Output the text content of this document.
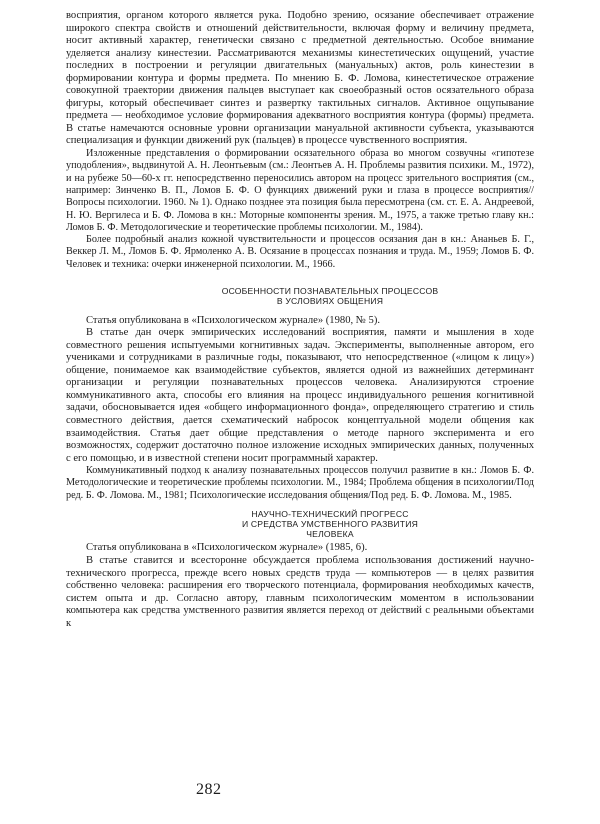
восприятия, органом которого является рука. Подобно зрению, осязание обеспечивает отражение широкого спектра свойств и отношений действительности, включая форму и величину предмета, носит активный характер, генетически связано с предметной деятельностью. Особое внимание уделяется анализу кинестезии. Рассматриваются механизмы кинестетических ощущений, участие последних в построении и регуляции двигательных (мануальных) актов, роль кинестезии в формировании контура и формы предмета. По мнению Б. Ф. Ломова, кинестетическое отражение совокупной траектории движения пальцев выступает как своеобразный остов осязательного образа фигуры, который обеспечивает синтез и развертку тактильных сигналов. Активное ощупывание предмета — необходимое условие формирования адекватного восприятия контура (формы) предмета. В статье намечаются основные уровни организации мануальной активности субъекта, указываются специализация и функции движений рук (пальцев) в процессе чувственного восприятия.

Изложенные представления о формировании осязательного образа во многом созвучны «гипотезе уподобления», выдвинутой А. Н. Леонтьевым (см.: Леонтьев А. Н. Проблемы развития психики. М., 1972), и на рубеже 50—60-х гг. непосредственно переносились автором на процесс зрительного восприятия (см., например: Зинченко В. П., Ломов Б. Ф. О функциях движений руки и глаза в процессе восприятия//Вопросы психологии. 1960. № 1). Однако позднее эта позиция была пересмотрена (см. ст. Е. А. Андреевой, Н. Ю. Вергилеса и Б. Ф. Ломова в кн.: Моторные компоненты зрения. М., 1975, а также третью главу кн.: Ломов Б. Ф. Методологические и теоретические проблемы психологии. М., 1984).

Более подробный анализ кожной чувствительности и процессов осязания дан в кн.: Ананьев Б. Г., Веккер Л. М., Ломов Б. Ф. Ярмоленко А. В. Осязание в процессах познания и труда. М., 1959; Ломов Б. Ф. Человек и техника: очерки инженерной психологии. М., 1966.

ОСОБЕННОСТИ ПОЗНАВАТЕЛЬНЫХ ПРОЦЕССОВ
В УСЛОВИЯХ ОБЩЕНИЯ

Статья опубликована в «Психологическом журнале» (1980, № 5).

В статье дан очерк эмпирических исследований восприятия, памяти и мышления в ходе совместного решения испытуемыми когнитивных задач. Эксперименты, выполненные автором, его учениками и сотрудниками в различные годы, показывают, что непосредственное («лицом к лицу») общение, понимаемое как взаимодействие субъектов, является одной из важнейших детерминант организации и регуляции познавательных процессов человека. Анализируются строение коммуникативного акта, способы его влияния на процесс индивидуального решения когнитивной задачи, обосновывается идея «общего информационного фонда», определяющего стратегию и стиль совместного действия, дается схематический набросок концептуальной модели общения как взаимодействия. Статья дает общие представления о методе парного эксперимента и его возможностях, содержит достаточно полное изложение исходных эмпирических данных, полученных с его помощью, и в известной степени носит программный характер.

Коммуникативный подход к анализу познавательных процессов получил развитие в кн.: Ломов Б. Ф. Методологические и теоретические проблемы психологии. М., 1984; Проблема общения в психологии/Под ред. Б. Ф. Ломова. М., 1981; Психологические исследования общения/Под ред. Б. Ф. Ломова. М., 1985.

НАУЧНО-ТЕХНИЧЕСКИЙ ПРОГРЕСС
И СРЕДСТВА УМСТВЕННОГО РАЗВИТИЯ
ЧЕЛОВЕКА

Статья опубликована в «Психологическом журнале» (1985, 6).

В статье ставится и всесторонне обсуждается проблема использования достижений научно-технического прогресса, прежде всего новых средств труда — компьютеров — в целях развития собственно человека: расширения его творческого потенциала, формирования необходимых качеств, систем опыта и др. Согласно автору, главным психологическим моментом в использовании компьютера как средства умственного развития является переход от действий с реальными объектами к

282
